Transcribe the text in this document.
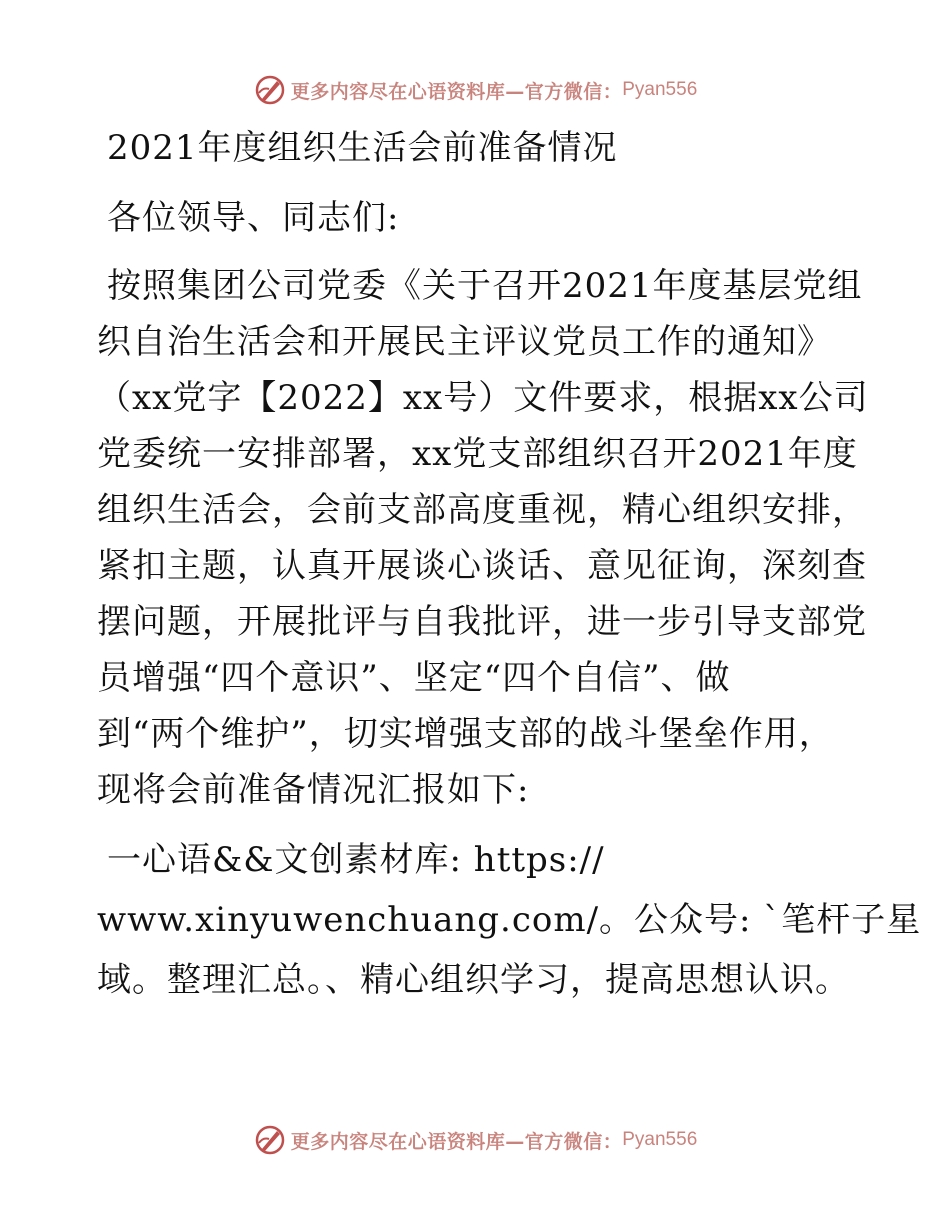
更多内容尽在心语资料库—官方微信： Pyan556
2021年度组织生活会前准备情况
各位领导、同志们:
按照集团公司党委《关于召开2021年度基层党组
织自治生活会和开展民主评议党员工作的通知》
（xx党字【2022】xx号）文件要求，根据xx公司
党委统一安排部署，xx党支部组织召开2021年度
组织生活会，会前支部高度重视，精心组织安排，
紧扣主题，认真开展谈心谈话、意见征询，深刻查
摆问题，开展批评与自我批评，进一步引导支部党
员增强“四个意识”、坚定“四个自信”、做
到“两个维护”，切实增强支部的战斗堡垒作用，
现将会前准备情况汇报如下:
一心语&&文创素材库: https://
www.xinyuwenchuang.com/。公众号: `笔杆子星
域。整理汇总。、精心组织学习，提高思想认识。
更多内容尽在心语资料库—官方微信： Pyan556
